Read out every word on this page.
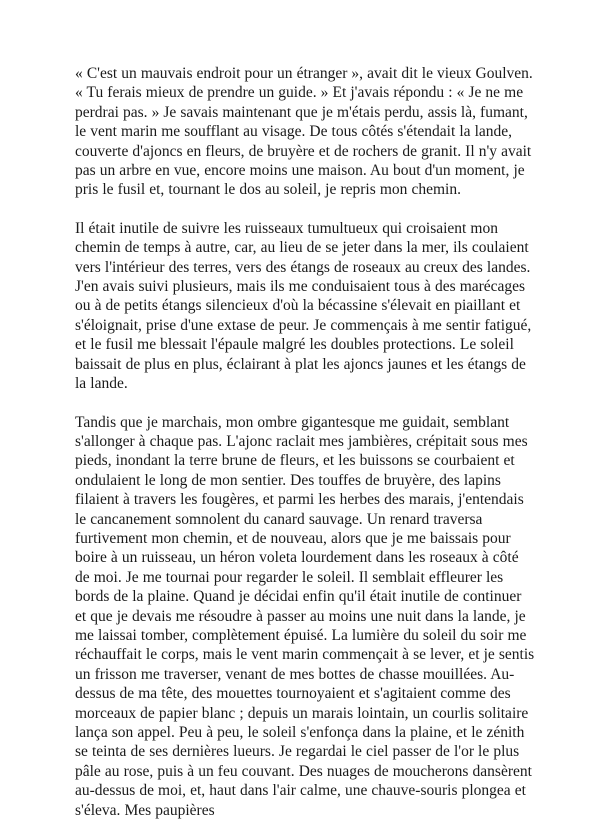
« C'est un mauvais endroit pour un étranger », avait dit le vieux Goulven. « Tu ferais mieux de prendre un guide. » Et j'avais répondu : « Je ne me perdrai pas. » Je savais maintenant que je m'étais perdu, assis là, fumant, le vent marin me soufflant au visage. De tous côtés s'étendait la lande, couverte d'ajoncs en fleurs, de bruyère et de rochers de granit. Il n'y avait pas un arbre en vue, encore moins une maison. Au bout d'un moment, je pris le fusil et, tournant le dos au soleil, je repris mon chemin.

Il était inutile de suivre les ruisseaux tumultueux qui croisaient mon chemin de temps à autre, car, au lieu de se jeter dans la mer, ils coulaient vers l'intérieur des terres, vers des étangs de roseaux au creux des landes. J'en avais suivi plusieurs, mais ils me conduisaient tous à des marécages ou à de petits étangs silencieux d'où la bécassine s'élevait en piaillant et s'éloignait, prise d'une extase de peur. Je commençais à me sentir fatigué, et le fusil me blessait l'épaule malgré les doubles protections. Le soleil baissait de plus en plus, éclairant à plat les ajoncs jaunes et les étangs de la lande.

Tandis que je marchais, mon ombre gigantesque me guidait, semblant s'allonger à chaque pas. L'ajonc raclait mes jambières, crépitait sous mes pieds, inondant la terre brune de fleurs, et les buissons se courbaient et ondulaient le long de mon sentier. Des touffes de bruyère, des lapins filaient à travers les fougères, et parmi les herbes des marais, j'entendais le cancanement somnolent du canard sauvage. Un renard traversa furtivement mon chemin, et de nouveau, alors que je me baissais pour boire à un ruisseau, un héron voleta lourdement dans les roseaux à côté de moi. Je me tournai pour regarder le soleil. Il semblait effleurer les bords de la plaine. Quand je décidai enfin qu'il était inutile de continuer et que je devais me résoudre à passer au moins une nuit dans la lande, je me laissai tomber, complètement épuisé. La lumière du soleil du soir me réchauffait le corps, mais le vent marin commençait à se lever, et je sentis un frisson me traverser, venant de mes bottes de chasse mouillées. Au-dessus de ma tête, des mouettes tournoyaient et s'agitaient comme des morceaux de papier blanc ; depuis un marais lointain, un courlis solitaire lança son appel. Peu à peu, le soleil s'enfonça dans la plaine, et le zénith se teinta de ses dernières lueurs. Je regardai le ciel passer de l'or le plus pâle au rose, puis à un feu couvant. Des nuages de moucherons dansèrent au-dessus de moi, et, haut dans l'air calme, une chauve-souris plongea et s'éleva. Mes paupières
